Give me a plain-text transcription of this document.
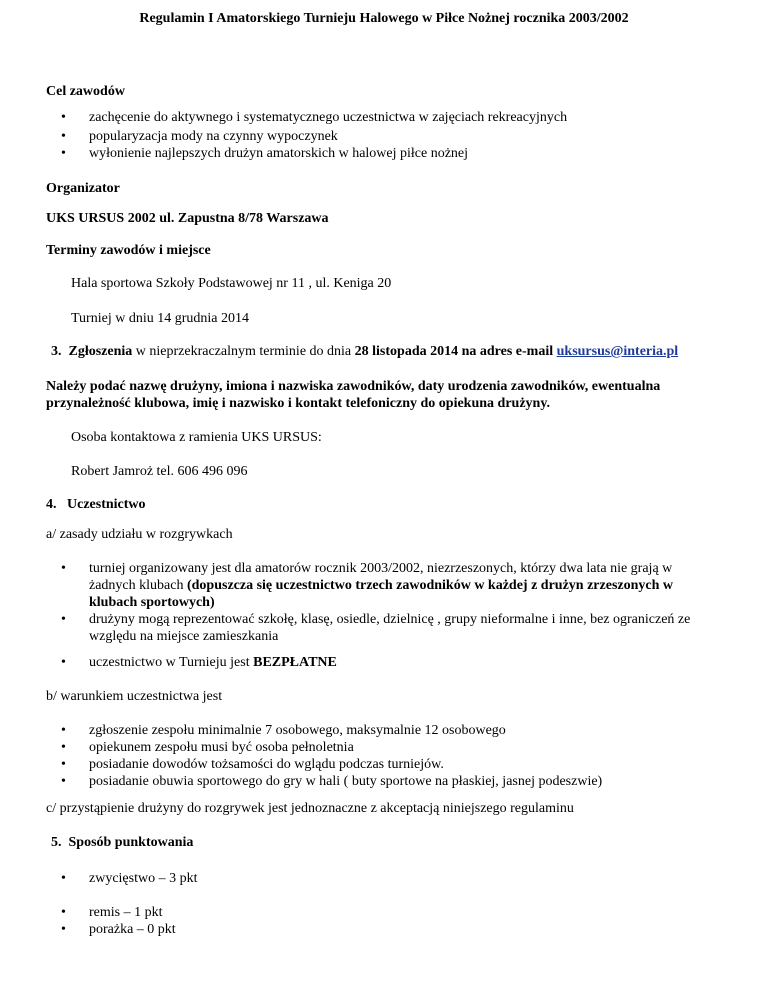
Regulamin I Amatorskiego Turnieju Halowego w Piłce Nożnej rocznika 2003/2002
Cel zawodów
• zachęcenie do aktywnego i systematycznego uczestnictwa w zajęciach rekreacyjnych
• popularyzacja mody na czynny wypoczynek
• wyłonienie najlepszych drużyn amatorskich w halowej piłce nożnej
Organizator
UKS URSUS 2002 ul. Zapustna 8/78 Warszawa
Terminy zawodów i miejsce
Hala sportowa Szkoły Podstawowej nr 11 , ul. Keniga 20
Turniej w dniu 14 grudnia 2014
3. Zgłoszenia w nieprzekraczalnym terminie do dnia 28 listopada 2014 na adres e-mail uksursus@interia.pl
Należy podać nazwę drużyny, imiona i nazwiska zawodników, daty urodzenia zawodników, ewentualna
przynależność klubowa, imię i nazwisko i kontakt telefoniczny do opiekuna drużyny.
Osoba kontaktowa z ramienia UKS URSUS:
Robert Jamroż tel. 606 496 096
4. Uczestnictwo
a/ zasady udziału w rozgrywkach
• turniej organizowany jest dla amatorów rocznik 2003/2002, niezrzeszonych, którzy dwa lata nie grają w
żadnych klubach (dopuszcza się uczestnictwo trzech zawodników w każdej z drużyn zrzeszonych w
klubach sportowych)
• drużyny mogą reprezentować szkołę, klasę, osiedle, dzielnicę , grupy nieformalne i inne, bez ograniczeń ze
względu na miejsce zamieszkania
• uczestnictwo w Turnieju jest BEZPŁATNE
b/ warunkiem uczestnictwa jest
• zgłoszenie zespołu minimalnie 7 osobowego, maksymalnie 12 osobowego
• opiekunem zespołu musi być osoba pełnoletnia
• posiadanie dowodów tożsamości do wglądu podczas turniejów.
• posiadanie obuwia sportowego do gry w hali ( buty sportowe na płaskiej, jasnej podeszwie)
c/ przystąpienie drużyny do rozgrywek jest jednoznaczne z akceptacją niniejszego regulaminu
5. Sposób punktowania
• zwycięstwo – 3 pkt
• remis – 1 pkt
• porażka – 0 pkt
